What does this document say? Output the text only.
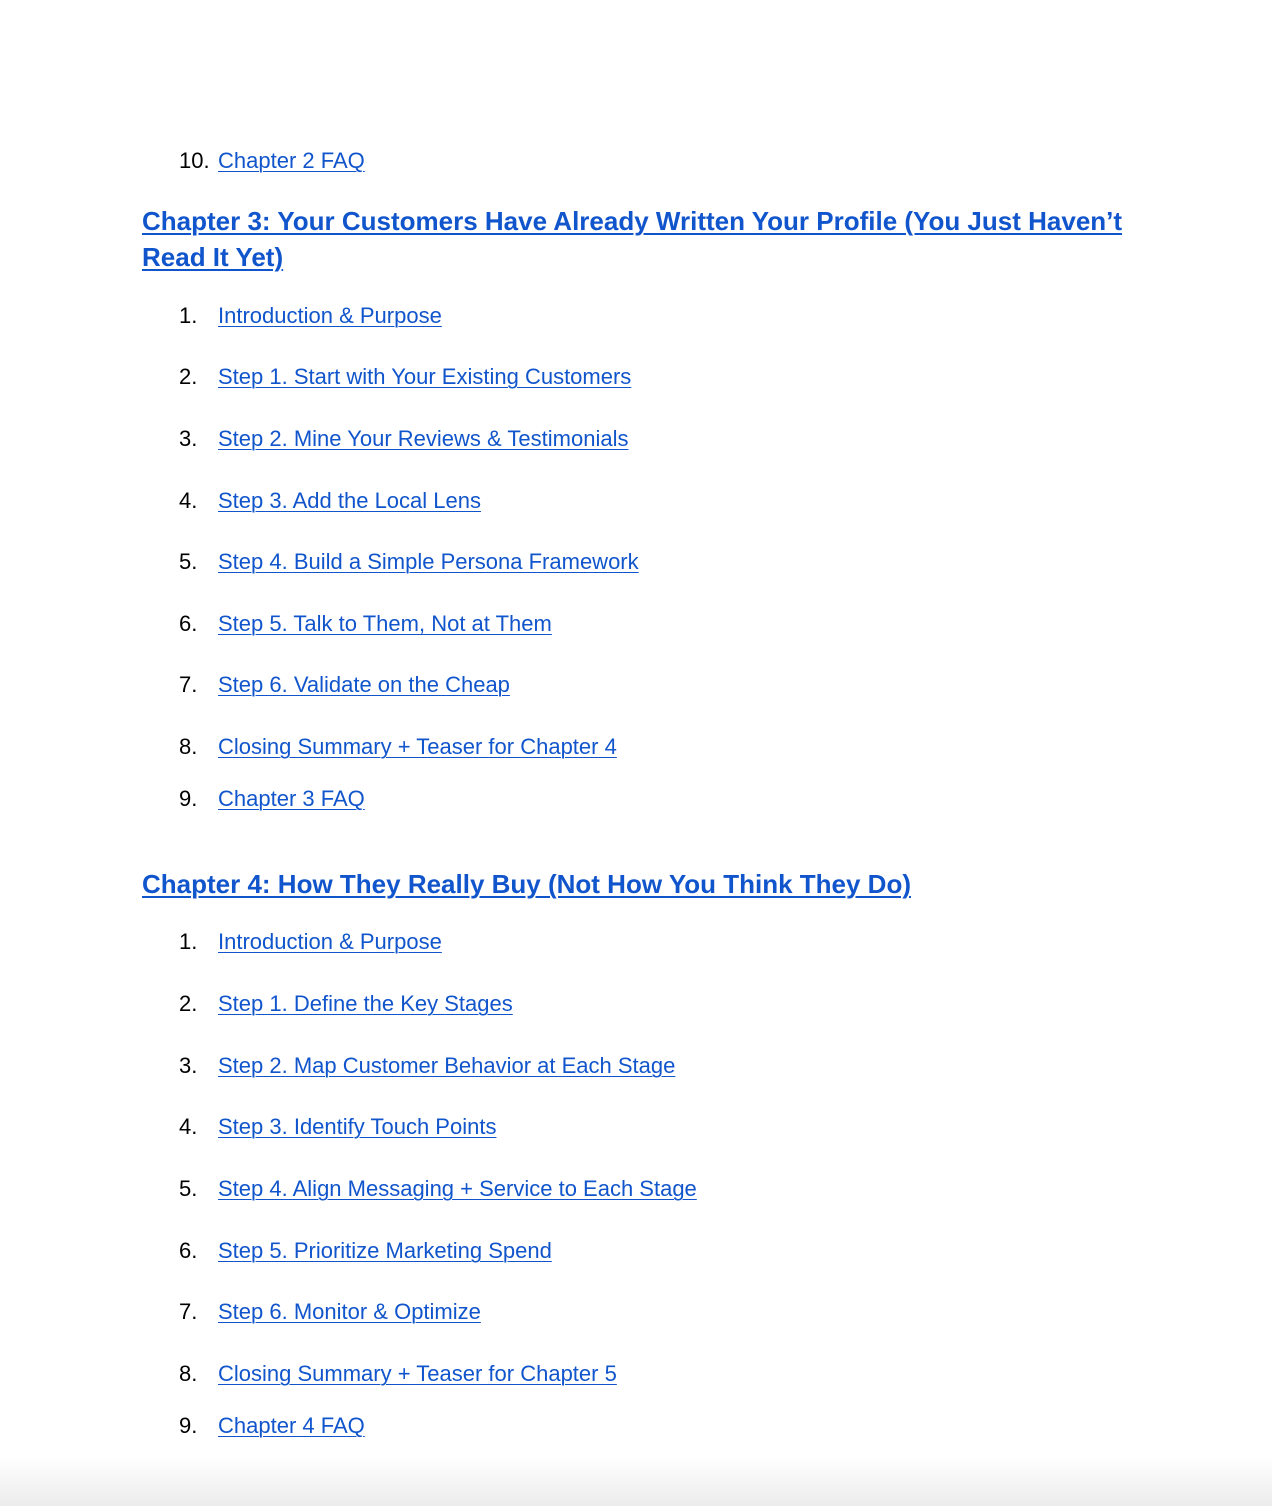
10. Chapter 2 FAQ
Chapter 3: Your Customers Have Already Written Your Profile (You Just Haven’t Read It Yet)
1. Introduction & Purpose
2. Step 1. Start with Your Existing Customers
3. Step 2. Mine Your Reviews & Testimonials
4. Step 3. Add the Local Lens
5. Step 4. Build a Simple Persona Framework
6. Step 5. Talk to Them, Not at Them
7. Step 6. Validate on the Cheap
8. Closing Summary + Teaser for Chapter 4
9. Chapter 3 FAQ
Chapter 4: How They Really Buy (Not How You Think They Do)
1. Introduction & Purpose
2. Step 1. Define the Key Stages
3. Step 2. Map Customer Behavior at Each Stage
4. Step 3. Identify Touch Points
5. Step 4. Align Messaging + Service to Each Stage
6. Step 5. Prioritize Marketing Spend
7. Step 6. Monitor & Optimize
8. Closing Summary + Teaser for Chapter 5
9. Chapter 4 FAQ
